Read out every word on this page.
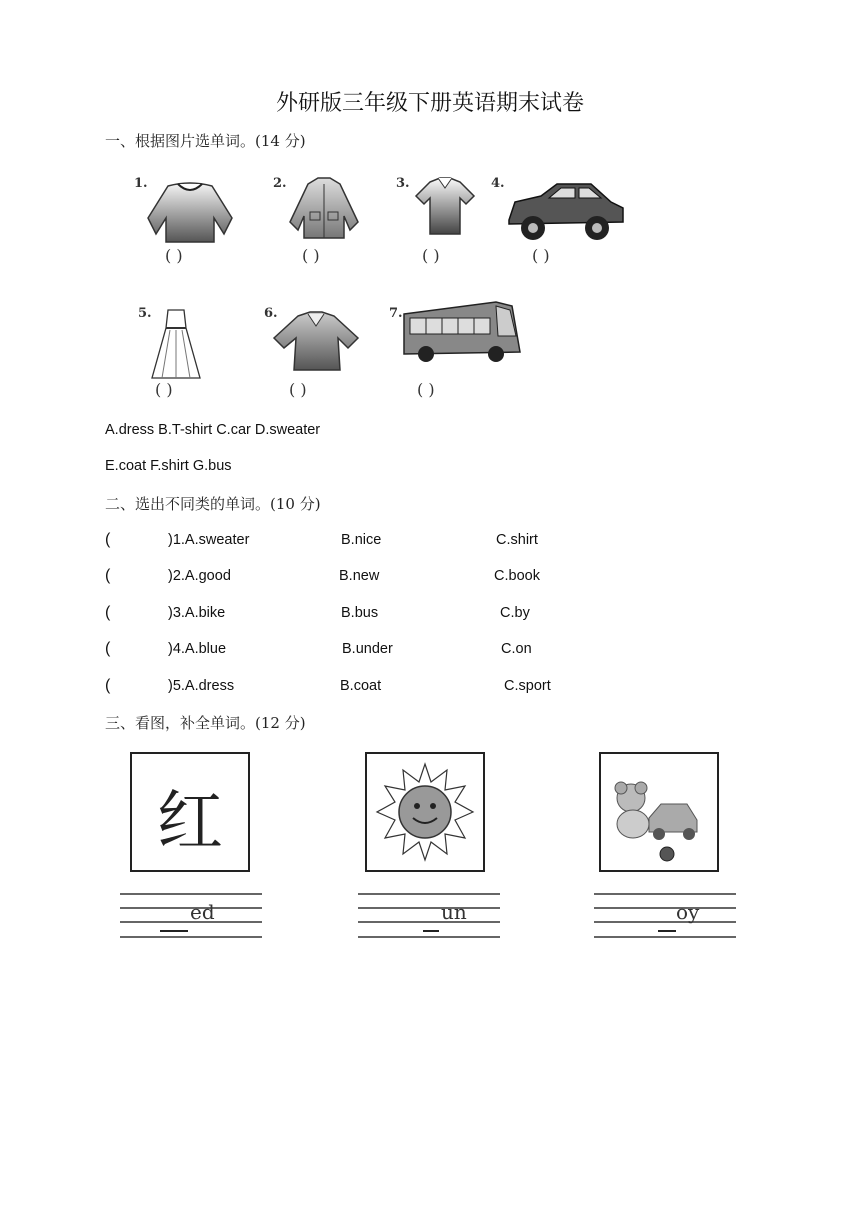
外研版三年级下册英语期末试卷
一、根据图片选单词。(14 分)
1.
( )
2.
( )
3.
( )
4.
( )
5.
( )
6.
( )
7.
( )
A.dress B.T-shirt C.car D.sweater
E.coat F.shirt G.bus
二、选出不同类的单词。(10 分)
(	)1.A.sweater	B.nice	C.shirt
(	)2.A.good	B.new	C.book
(	)3.A.bike	B.bus	C.by
(	)4.A.blue	B.under	C.on
(	)5.A.dress	B.coat	C.sport
三、看图，补全单词。(12 分)
红
ed	un	oy
